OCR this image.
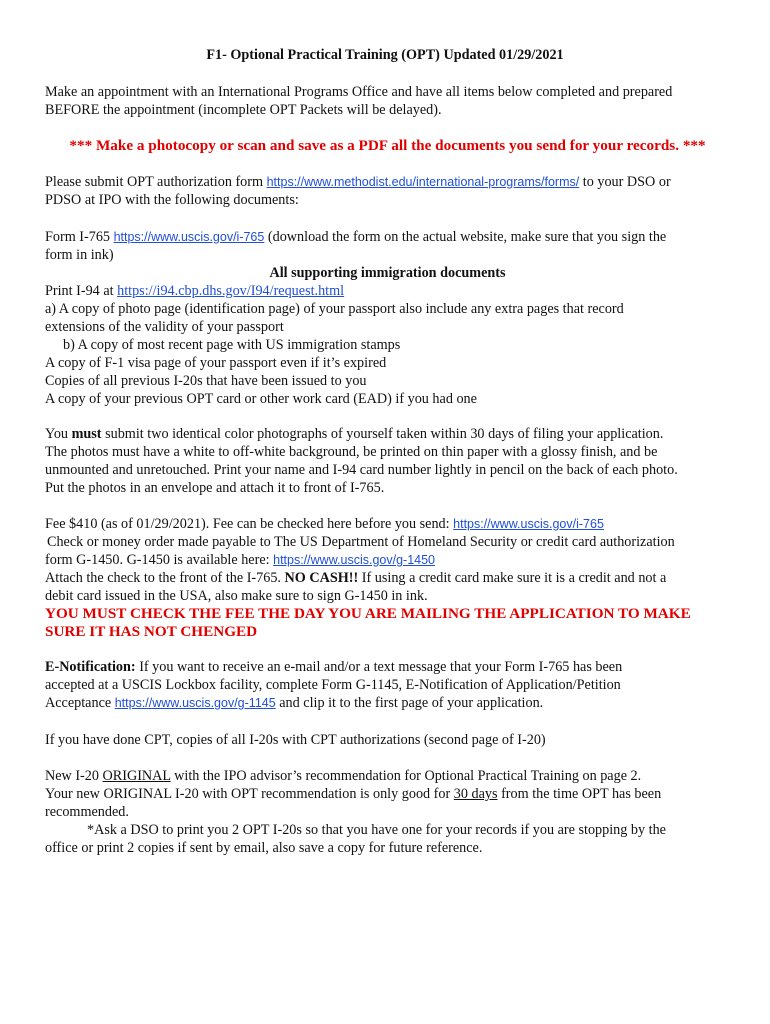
F1- Optional Practical Training (OPT) Updated 01/29/2021
Make an appointment with an International Programs Office and have all items below completed and prepared
BEFORE the appointment (incomplete OPT Packets will be delayed).
*** Make a photocopy or scan and save as a PDF all the documents you send for your records. ***
Please submit OPT authorization form https://www.methodist.edu/international-programs/forms/ to your DSO or
PDSO at IPO with the following documents:
Form I-765 https://www.uscis.gov/i-765 (download the form on the actual website, make sure that you sign the
form in ink)
All supporting immigration documents
Print I-94 at https://i94.cbp.dhs.gov/I94/request.html
a) A copy of photo page (identification page) of your passport also include any extra pages that record
extensions of the validity of your passport
b) A copy of most recent page with US immigration stamps
A copy of F-1 visa page of your passport even if it’s expired
Copies of all previous I-20s that have been issued to you
A copy of your previous OPT card or other work card (EAD) if you had one
You must submit two identical color photographs of yourself taken within 30 days of filing your application.
The photos must have a white to off-white background, be printed on thin paper with a glossy finish, and be
unmounted and unretouched. Print your name and I-94 card number lightly in pencil on the back of each photo.
Put the photos in an envelope and attach it to front of I-765.
Fee $410 (as of 01/29/2021). Fee can be checked here before you send: https://www.uscis.gov/i-765
Check or money order made payable to The US Department of Homeland Security or credit card authorization
form G-1450. G-1450 is available here: https://www.uscis.gov/g-1450
Attach the check to the front of the I-765. NO CASH!! If using a credit card make sure it is a credit and not a
debit card issued in the USA, also make sure to sign G-1450 in ink.
YOU MUST CHECK THE FEE THE DAY YOU ARE MAILING THE APPLICATION TO MAKE
SURE IT HAS NOT CHENGED
E-Notification: If you want to receive an e-mail and/or a text message that your Form I-765 has been
accepted at a USCIS Lockbox facility, complete Form G-1145, E-Notification of Application/Petition
Acceptance https://www.uscis.gov/g-1145 and clip it to the first page of your application.
If you have done CPT, copies of all I-20s with CPT authorizations (second page of I-20)
New I-20 ORIGINAL with the IPO advisor’s recommendation for Optional Practical Training on page 2.
Your new ORIGINAL I-20 with OPT recommendation is only good for 30 days from the time OPT has been
recommended.
*Ask a DSO to print you 2 OPT I-20s so that you have one for your records if you are stopping by the
office or print 2 copies if sent by email, also save a copy for future reference.
